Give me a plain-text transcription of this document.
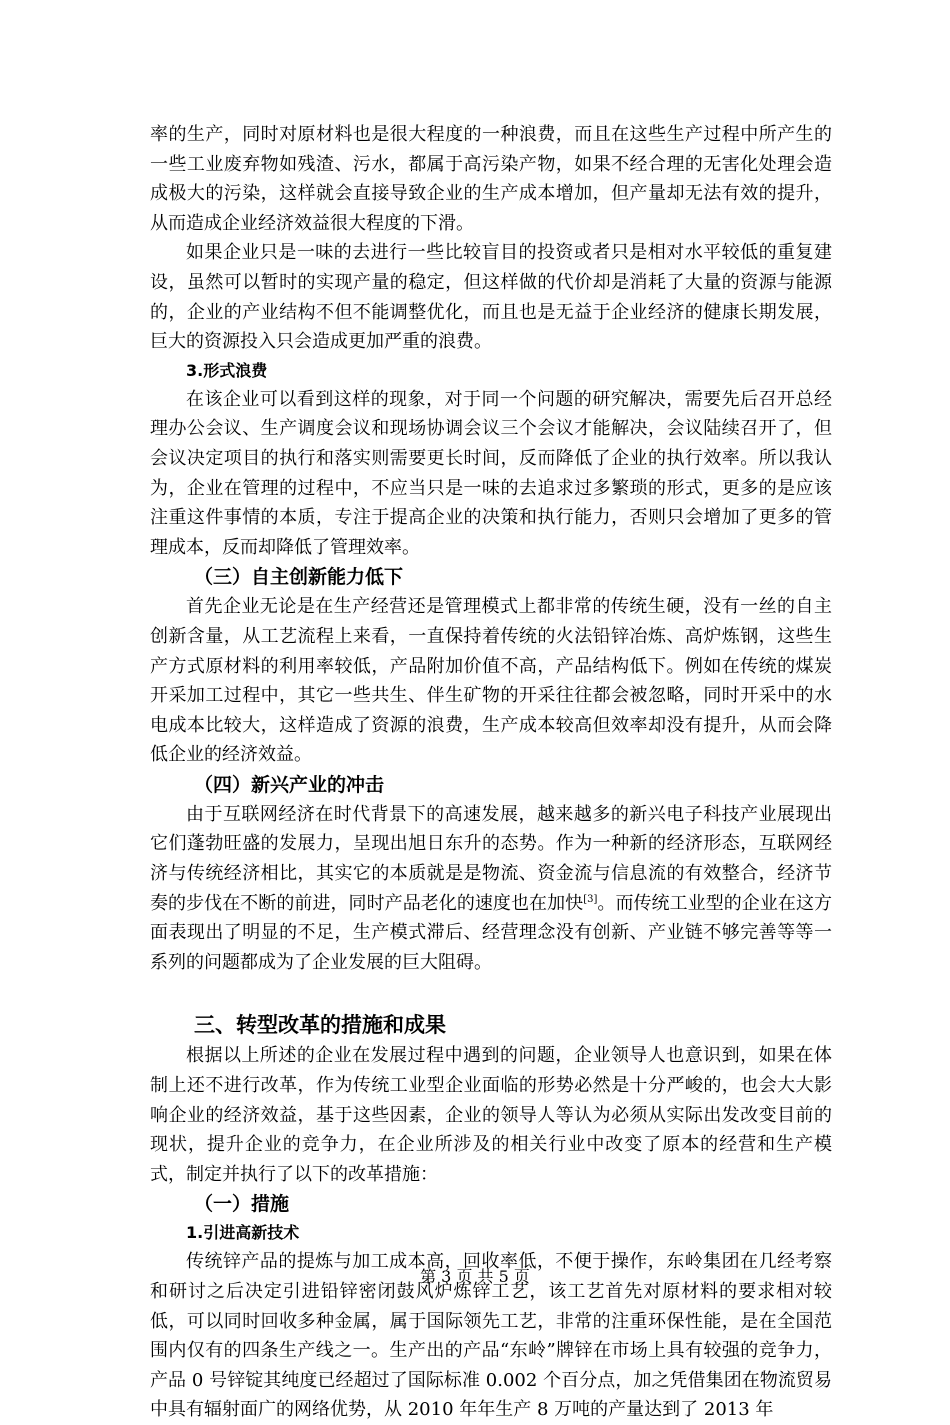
率的生产，同时对原材料也是很大程度的一种浪费，而且在这些生产过程中所产生的一些工业废弃物如残渣、污水，都属于高污染产物，如果不经合理的无害化处理会造成极大的污染，这样就会直接导致企业的生产成本增加，但产量却无法有效的提升，从而造成企业经济效益很大程度的下滑。

如果企业只是一味的去进行一些比较盲目的投资或者只是相对水平较低的重复建设，虽然可以暂时的实现产量的稳定，但这样做的代价却是消耗了大量的资源与能源的，企业的产业结构不但不能调整优化，而且也是无益于企业经济的健康长期发展，巨大的资源投入只会造成更加严重的浪费。

3.形式浪费

在该企业可以看到这样的现象，对于同一个问题的研究解决，需要先后召开总经理办公会议、生产调度会议和现场协调会议三个会议才能解决，会议陆续召开了，但会议决定项目的执行和落实则需要更长时间，反而降低了企业的执行效率。所以我认为，企业在管理的过程中，不应当只是一味的去追求过多繁琐的形式，更多的是应该注重这件事情的本质，专注于提高企业的决策和执行能力，否则只会增加了更多的管理成本，反而却降低了管理效率。

（三）自主创新能力低下

首先企业无论是在生产经营还是管理模式上都非常的传统生硬，没有一丝的自主创新含量，从工艺流程上来看，一直保持着传统的火法铅锌冶炼、高炉炼钢，这些生产方式原材料的利用率较低，产品附加价值不高，产品结构低下。例如在传统的煤炭开采加工过程中，其它一些共生、伴生矿物的开采往往都会被忽略，同时开采中的水电成本比较大，这样造成了资源的浪费，生产成本较高但效率却没有提升，从而会降低企业的经济效益。

（四）新兴产业的冲击

由于互联网经济在时代背景下的高速发展，越来越多的新兴电子科技产业展现出它们蓬勃旺盛的发展力，呈现出旭日东升的态势。作为一种新的经济形态，互联网经济与传统经济相比，其实它的本质就是是物流、资金流与信息流的有效整合，经济节奏的步伐在不断的前进，同时产品老化的速度也在加快[3]。而传统工业型的企业在这方面表现出了明显的不足，生产模式滞后、经营理念没有创新、产业链不够完善等等一系列的问题都成为了企业发展的巨大阻碍。

三、转型改革的措施和成果

根据以上所述的企业在发展过程中遇到的问题，企业领导人也意识到，如果在体制上还不进行改革，作为传统工业型企业面临的形势必然是十分严峻的，也会大大影响企业的经济效益，基于这些因素，企业的领导人等认为必须从实际出发改变目前的现状，提升企业的竞争力，在企业所涉及的相关行业中改变了原本的经营和生产模式，制定并执行了以下的改革措施：

（一）措施

1.引进高新技术

传统锌产品的提炼与加工成本高，回收率低，不便于操作，东岭集团在几经考察和研讨之后决定引进铅锌密闭鼓风炉炼锌工艺，该工艺首先对原材料的要求相对较低，可以同时回收多种金属，属于国际领先工艺，非常的注重环保性能，是在全国范围内仅有的四条生产线之一。生产出的产品“东岭”牌锌在市场上具有较强的竞争力，产品 0 号锌锭其纯度已经超过了国际标准 0.002 个百分点，加之凭借集团在物流贸易中具有辐射面广的网络优势，从 2010 年年生产 8 万吨的产量达到了 2013 年

第 3 页 共 5 页
